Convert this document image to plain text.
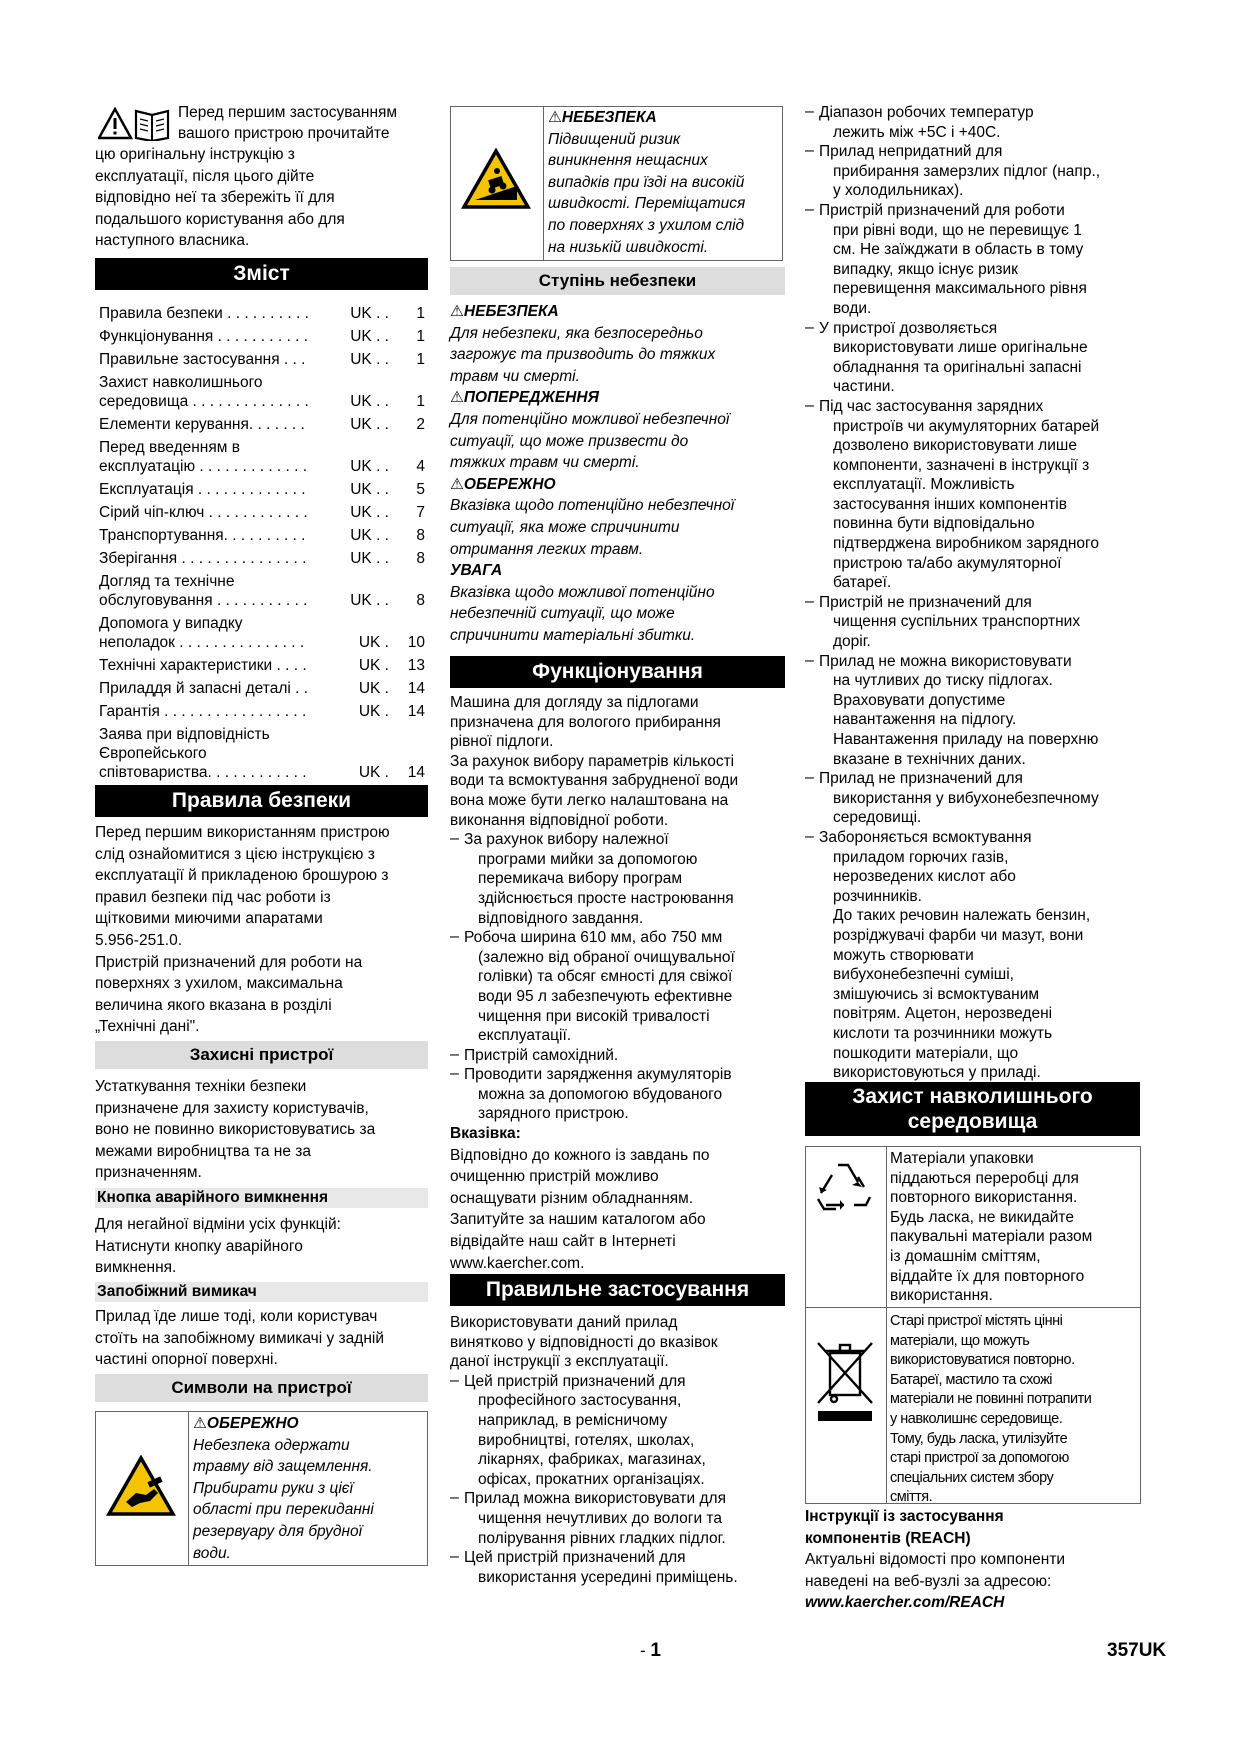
Перед першим застосуванням

вашого пристрою прочитайте

цю оригінальну інструкцію з

експлуатації, після цього дійте

відповідно неї та збережіть її для

подальшого користування або для

наступного власника.

Зміст
Правила безпеки . . . . . . . . . .	UK . . 1
Функціонування . . . . . . . . . . .	UK . . 1
Правильне застосування . . .	UK . . 1
Захист навколишнього
середовища . . . . . . . . . . . . . .	UK . . 1
Елементи керування. . . . . . .	UK . . 2
Перед введенням в
експлуатацію . . . . . . . . . . . . .	UK . . 4
Експлуатація . . . . . . . . . . . . .	UK . . 5
Сірий чіп-ключ . . . . . . . . . . . .	UK . . 7
Транспортування. . . . . . . . . .	UK . . 8
Зберігання . . . . . . . . . . . . . . .	UK . . 8
Догляд та технічне
обслуговування . . . . . . . . . . .	UK . . 8
Допомога у випадку
неполадок . . . . . . . . . . . . . . .	UK . 10
Технічні характеристики . . . .	UK . 13
Приладдя й запасні деталі . .	UK . 14
Гарантія . . . . . . . . . . . . . . . . .	UK . 14
Заява при відповідність
Європейського
співтовариства. . . . . . . . . . . .	UK . 14
Правила безпеки

Перед першим використанням пристрою

слід ознайомитися з цією інструкцією з

експлуатації й прикладеною брошурою з

правил безпеки під час роботи із

щітковими миючими апаратами

5.956-251.0.

Пристрій призначений для роботи на

поверхнях з ухилом, максимальна

величина якого вказана в розділі

„Технічні дані".

Захисні пристрої

Устаткування техніки безпеки

призначене для захисту користувачів,

воно не повинно використовуватись за

межами виробництва та не за

призначенням.

Кнопка аварійного вимкнення

Для негайної відміни усіх функцій:

Натиснути кнопку аварійного

вимкнення.

Запобіжний вимикач

Прилад їде лише тоді, коли користувач

стоїть на запобіжному вимикачі у задній

частині опорної поверхні.

Символи на пристрої

⚠ОБЕРЕЖНО

Небезпека одержати

травму від защемлення.

Прибирати руки з цієї

області при перекиданні

резервуару для брудної

води.

⚠НЕБЕЗПЕКА

Підвищений ризик

виникнення нещасних

випадків при їзді на високій

швидкості. Переміщатися

по поверхнях з ухилом слід

на низькій швидкості.

Ступінь небезпеки

⚠НЕБЕЗПЕКА

Для небезпеки, яка безпосередньо

загрожує та призводить до тяжких

травм чи смерті.

⚠ПОПЕРЕДЖЕННЯ

Для потенційно можливої небезпечної

ситуації, що може призвести до

тяжких травм чи смерті.

⚠ОБЕРЕЖНО

Вказівка щодо потенційно небезпечної

ситуації, яка може спричинити

отримання легких травм.

УВАГА

Вказівка щодо можливої потенційно

небезпечній ситуації, що може

спричинити матеріальні збитки.

Функціонування

Машина для догляду за підлогами

призначена для вологого прибирання

рівної підлоги.

За рахунок вибору параметрів кількості

води та всмоктування забрудненої води

вона може бути легко налаштована на

виконання відповідної роботи.

– За рахунок вибору належної

програми мийки за допомогою

перемикача вибору програм

здійснюється просте настроювання

відповідного завдання.

– Робоча ширина 610 мм, або 750 мм

(залежно від обраної очищувальної

голівки) та обсяг ємності для свіжої

води 95 л забезпечують ефективне

чищення при високій тривалості

експлуатації.

– Пристрій самохідний.

– Проводити зарядження акумуляторів

можна за допомогою вбудованого

зарядного пристрою.

Вказівка:

Відповідно до кожного із завдань по

очищенню пристрій можливо

оснащувати різним обладнанням.

Запитуйте за нашим каталогом або

відвідайте наш сайт в Інтернеті

www.kaercher.com.

Правильне застосування

Використовувати даний прилад

винятково у відповідності до вказівок

даної інструкції з експлуатації.

– Цей пристрій призначений для

професійного застосування,

наприклад, в ремісничому

виробництві, готелях, школах,

лікарнях, фабриках, магазинах,

офісах, прокатних організаціях.

– Прилад можна використовувати для

чищення нечутливих до вологи та

полірування рівних гладких підлог.

– Цей пристрій призначений для

використання усередині приміщень.

– Діапазон робочих температур

лежить між +5С і +40С.

– Прилад непридатний для

прибирання замерзлих підлог (напр.,

у холодильниках).

– Пристрій призначений для роботи

при рівні води, що не перевищує 1

см. Не заїжджати в область в тому

випадку, якщо існує ризик

перевищення максимального рівня

води.

– У пристрої дозволяється

використовувати лише оригінальне

обладнання та оригінальні запасні

частини.

– Під час застосування зарядних

пристроїв чи акумуляторних батарей

дозволено використовувати лише

компоненти, зазначені в інструкції з

експлуатації. Можливість

застосування інших компонентів

повинна бути відповідально

підтверджена виробником зарядного

пристрою та/або акумуляторної

батареї.

– Пристрій не призначений для

чищення суспільних транспортних

доріг.

– Прилад не можна використовувати

на чутливих до тиску підлогах.

Враховувати допустиме

навантаження на підлогу.

Навантаження приладу на поверхню

вказане в технічних даних.

– Прилад не призначений для

використання у вибухонебезпечному

середовищі.

– Забороняється всмоктування

приладом горючих газів,

нерозведених кислот або

розчинників.

До таких речовин належать бензин,

розріджувачі фарби чи мазут, вони

можуть створювати

вибухонебезпечні суміші,

змішуючись зі всмоктуваним

повітрям. Ацетон, нерозведені

кислоти та розчинники можуть

пошкодити матеріали, що

використовуються у приладі.

Захист навколишнього
середовища

Матеріали упаковки

піддаються переробці для

повторного використання.

Будь ласка, не викидайте

пакувальні матеріали разом

із домашнім сміттям,

віддайте їх для повторного

використання.

Старі пристрої містять цінні

матеріали, що можуть

використовуватися повторно.

Батареї, мастило та схожі

матеріали не повинні потрапити

у навколишнє середовище.

Тому, будь ласка, утилізуйте

старі пристрої за допомогою

спеціальних систем збору

сміття.

Інструкції із застосування

компонентів (REACH)

Актуальні відомості про компоненти

наведені на веб-вузлі за адресою:

www.kaercher.com/REACH

- 1	357UK
